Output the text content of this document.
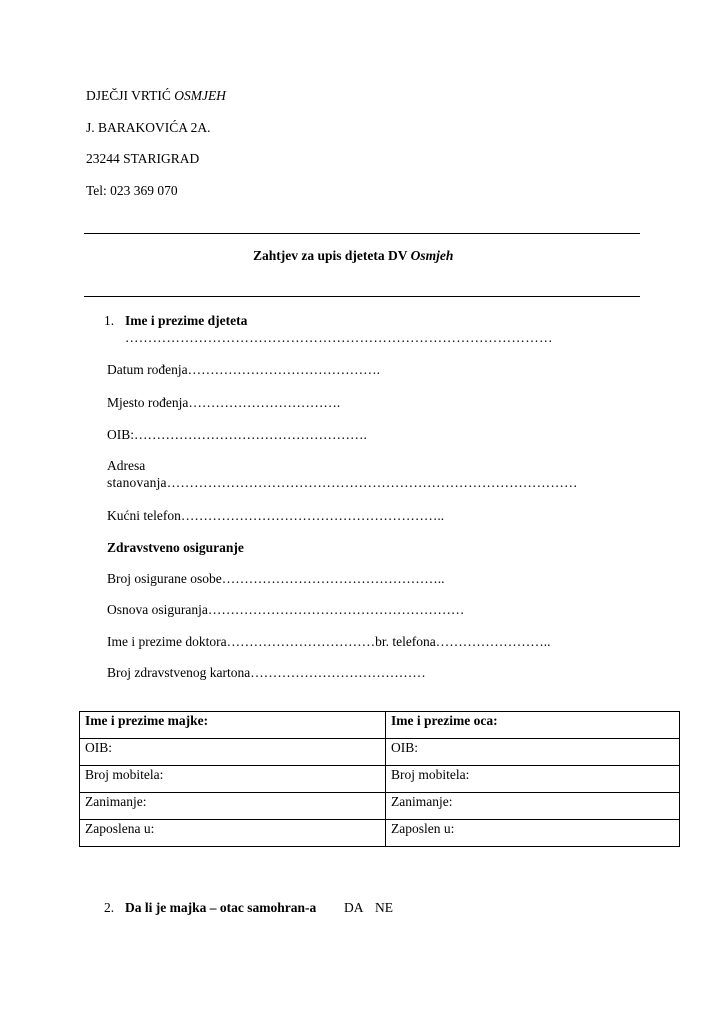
DJEČJI VRTIĆ OSMJEH
J. BARAKOVIĆA 2A.
23244 STARIGRAD
Tel: 023 369 070
Zahtjev za upis djeteta DV Osmjeh
1. Ime i prezime djeteta
…………………………………………………………………………………
Datum rođenja…………………………………….
Mjesto rođenja…………………………….
OIB:…………………………………………….
Adresa
stanovanja………………………………………………………………………………
Kućni telefon…………………………………………………..
Zdravstveno osiguranje
Broj osigurane osobe…………………………………………..
Osnova osiguranja…………………………………………………
Ime i prezime doktora……………………………br. telefona……………………..
Broj zdravstvenog kartona…………………………………
Ime i prezime majke:	Ime i prezime oca:
OIB:	OIB:
Broj mobitela:	Broj mobitela:
Zanimanje:	Zanimanje:
Zaposlena u:	Zaposlen u:
2. Da li je majka – otac samohran-a DA NE
